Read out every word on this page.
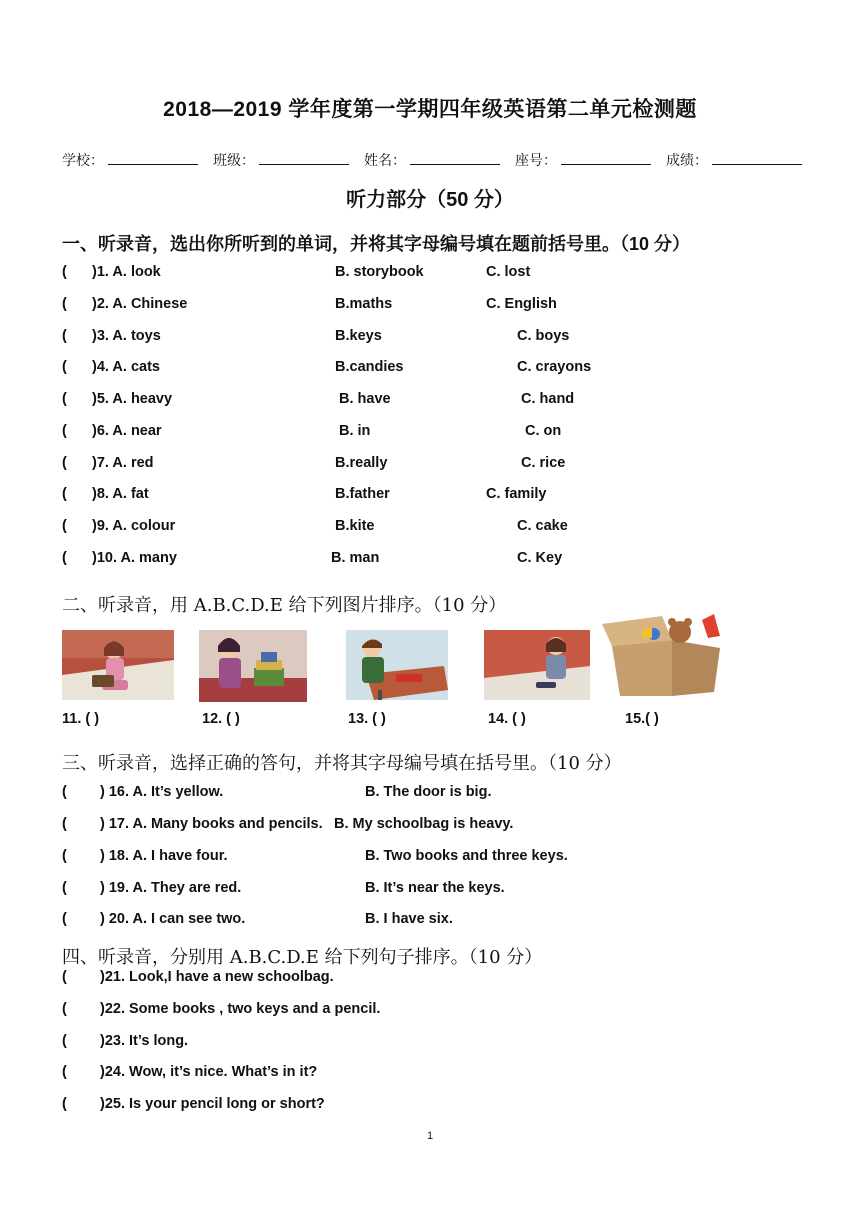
2018—2019 学年度第一学期四年级英语第二单元检测题
学校：	班级：	姓名：	座号：	成绩：
听力部分（50 分）
一、听录音，选出你所听到的单词，并将其字母编号填在题前括号里。（10 分）
( )1. A. look	B. storybook	C. lost
( )2. A. Chinese	B.maths	C. English
( )3. A. toys	B.keys	C. boys
( )4. A. cats	B.candies	C. crayons
( )5. A. heavy	B. have	C. hand
( )6. A. near	B. in	C. on
( )7. A. red	B.really	C. rice
( )8. A. fat	B.father	C. family
( )9. A. colour	B.kite	C. cake
( )10. A. many	B. man	C. Key
二、听录音，用 A.B.C.D.E 给下列图片排序。（10 分）
11. ( )	12. ( )	13. ( )	14. ( )	15.( )
三、听录音，选择正确的答句，并将其字母编号填在括号里。（10 分）
( ) 16. A. It’s yellow.	B. The door is big.
( ) 17. A. Many books and pencils. B. My schoolbag is heavy.
( ) 18. A. I have four.	B. Two books and three keys.
( ) 19. A. They are red.	B. It’s near the keys.
( ) 20. A. I can see two.	B. I have six.
四、听录音，分别用 A.B.C.D.E 给下列句子排序。（10 分）
( )21. Look,I have a new schoolbag.
( )22. Some books , two keys and a pencil.
( )23. It’s long.
( )24. Wow, it’s nice. What’s in it?
( )25. Is your pencil long or short?
1
